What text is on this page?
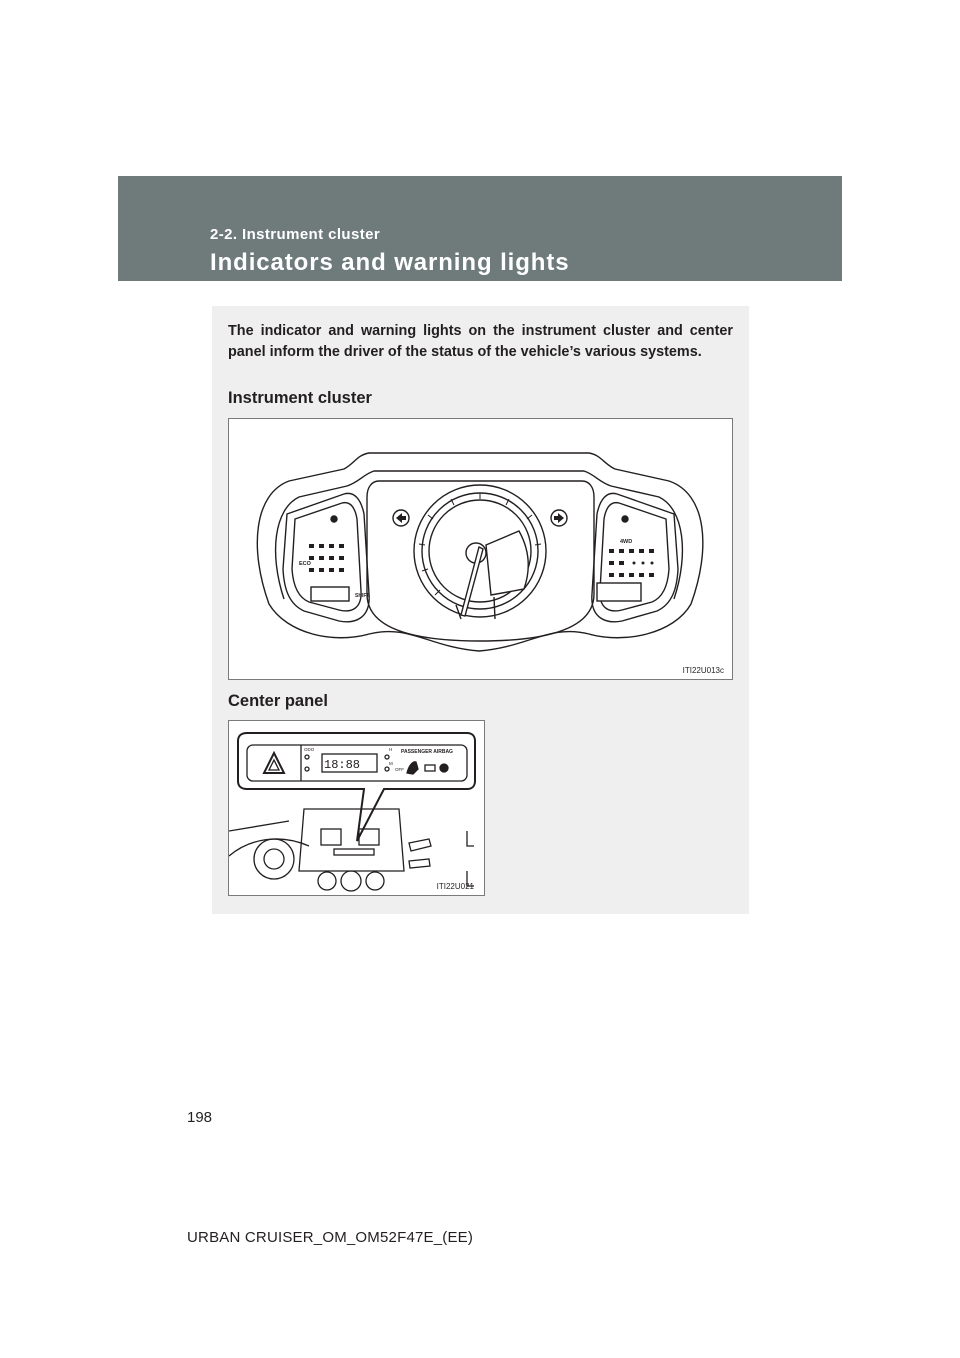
2-2. Instrument cluster
Indicators and warning lights
The indicator and warning lights on the instrument cluster and center panel inform the driver of the status of the vehicle’s various systems.
Instrument cluster
ECO
4WD
SHIFT
ITI22U013c
Center panel
18:88
ODO	H
M
PASSENGER AIRBAG
OFF
ITI22U021
198
URBAN CRUISER_OM_OM52F47E_(EE)
